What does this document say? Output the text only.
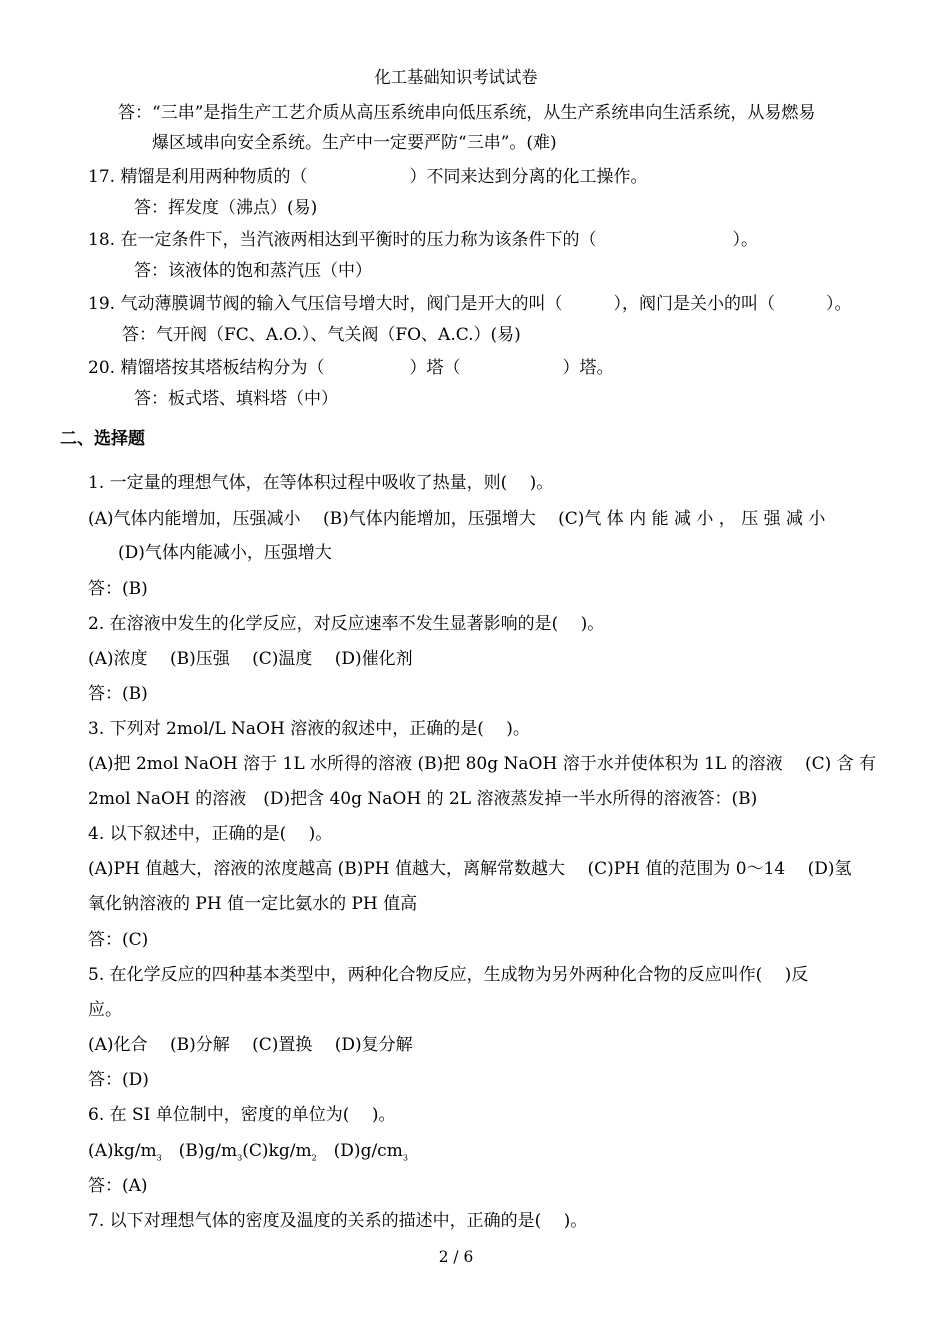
化工基础知识考试试卷
答：“三串”是指生产工艺介质从高压系统串向低压系统，从生产系统串向生活系统，从易燃易
爆区域串向安全系统。生产中一定要严防“三串”。(难)
17. 精馏是利用两种物质的（　　　　　　）不同来达到分离的化工操作。
答：挥发度（沸点）(易)
18. 在一定条件下，当汽液两相达到平衡时的压力称为该条件下的（　　　　　　　　）。
答：该液体的饱和蒸汽压（中）
19. 气动薄膜调节阀的输入气压信号增大时，阀门是开大的叫（　　　），阀门是关小的叫（　　　）。
答：气开阀（FC、A.O.）、气关阀（FO、A.C.）(易)
20. 精馏塔按其塔板结构分为（　　　　　）塔（　　　　　　）塔。
答：板式塔、填料塔（中）
二、选择题
1. 一定量的理想气体，在等体积过程中吸收了热量，则(　 )。
(A)气体内能增加，压强减小　 (B)气体内能增加，压强增大　 (C)气 体 内 能 减 小 ， 压 强 减 小
(D)气体内能减小，压强增大
答：(B)
2. 在溶液中发生的化学反应，对反应速率不发生显著影响的是(　 )。
(A)浓度　 (B)压强　 (C)温度　 (D)催化剂
答：(B)
3. 下列对 2mol/L NaOH 溶液的叙述中，正确的是(　 )。
(A)把 2mol NaOH 溶于 1L 水所得的溶液 (B)把 80g NaOH 溶于水并使体积为 1L 的溶液　 (C) 含 有
2mol NaOH 的溶液　(D)把含 40g NaOH 的 2L 溶液蒸发掉一半水所得的溶液答：(B)
4. 以下叙述中，正确的是(　 )。
(A)PH 值越大，溶液的浓度越高 (B)PH 值越大，离解常数越大　 (C)PH 值的范围为 0～14　 (D)氢
氧化钠溶液的 PH 值一定比氨水的 PH 值高
答：(C)
5. 在化学反应的四种基本类型中，两种化合物反应，生成物为另外两种化合物的反应叫作(　 )反
应。
(A)化合　 (B)分解　 (C)置换　 (D)复分解
答：(D)
6. 在 SI 单位制中，密度的单位为(　 )。
$(A)kg/m_3$　$(B)g/m_3(C)kg/m_2$　$(D)g/cm_3$
答：(A)
7. 以下对理想气体的密度及温度的关系的描述中，正确的是(　 )。
2 / 6
